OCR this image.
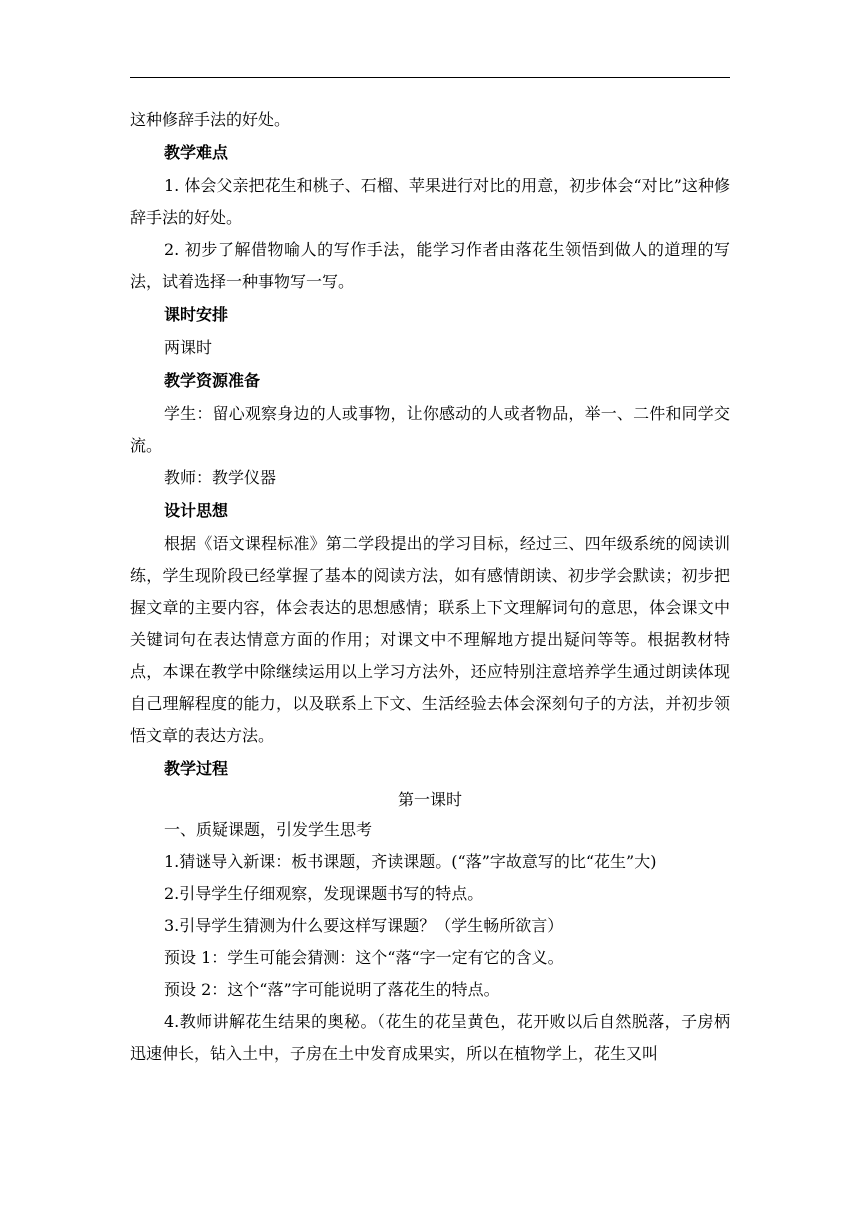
这种修辞手法的好处。

教学难点

1. 体会父亲把花生和桃子、石榴、苹果进行对比的用意，初步体会“对比”这种修辞手法的好处。

2. 初步了解借物喻人的写作手法，能学习作者由落花生领悟到做人的道理的写法，试着选择一种事物写一写。

课时安排

两课时

教学资源准备

学生：留心观察身边的人或事物，让你感动的人或者物品，举一、二件和同学交流。

教师：教学仪器

设计思想

根据《语文课程标准》第二学段提出的学习目标，经过三、四年级系统的阅读训练，学生现阶段已经掌握了基本的阅读方法，如有感情朗读、初步学会默读；初步把握文章的主要内容，体会表达的思想感情；联系上下文理解词句的意思，体会课文中关键词句在表达情意方面的作用；对课文中不理解地方提出疑问等等。根据教材特点，本课在教学中除继续运用以上学习方法外，还应特别注意培养学生通过朗读体现自己理解程度的能力，以及联系上下文、生活经验去体会深刻句子的方法，并初步领悟文章的表达方法。

教学过程

第一课时

一、质疑课题，引发学生思考

1.猜谜导入新课：板书课题，齐读课题。(“落”字故意写的比“花生”大)

2.引导学生仔细观察，发现课题书写的特点。

3.引导学生猜测为什么要这样写课题？（学生畅所欲言）

预设 1：学生可能会猜测：这个“落“字一定有它的含义。

预设 2：这个“落”字可能说明了落花生的特点。

4.教师讲解花生结果的奥秘。（花生的花呈黄色，花开败以后自然脱落，子房柄迅速伸长，钻入土中，子房在土中发育成果实，所以在植物学上，花生又叫
